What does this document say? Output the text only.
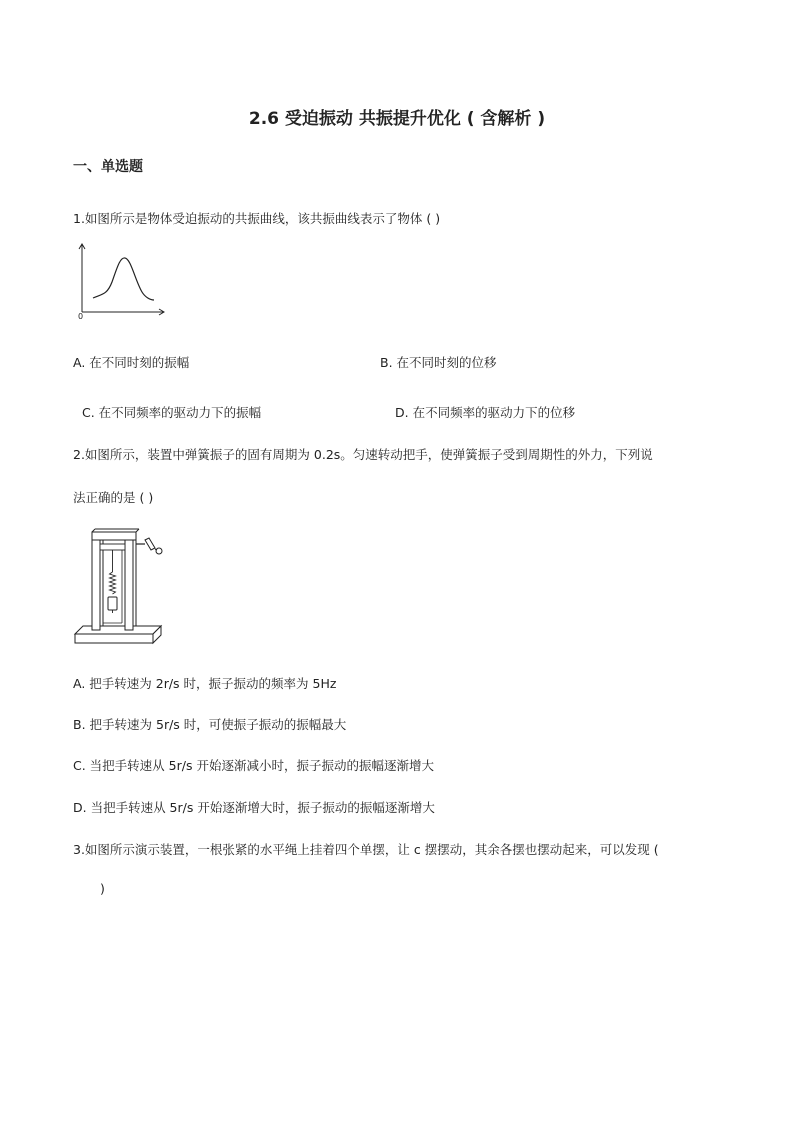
2.6 受迫振动 共振提升优化 ( 含解析 )
一、单选题
1.如图所示是物体受迫振动的共振曲线，该共振曲线表示了物体 ( )
0
A. 在不同时刻的振幅	B. 在不同时刻的位移
C. 在不同频率的驱动力下的振幅	D. 在不同频率的驱动力下的位移
2.如图所示，装置中弹簧振子的固有周期为 0.2s。匀速转动把手，使弹簧振子受到周期性的外力，下列说
法正确的是 ( )
A. 把手转速为 2r/s 时，振子振动的频率为 5Hz
B. 把手转速为 5r/s 时，可使振子振动的振幅最大
C. 当把手转速从 5r/s 开始逐渐减小时，振子振动的振幅逐渐增大
D. 当把手转速从 5r/s 开始逐渐增大时，振子振动的振幅逐渐增大
3.如图所示演示装置，一根张紧的水平绳上挂着四个单摆，让 c 摆摆动，其余各摆也摆动起来，可以发现 (
)
